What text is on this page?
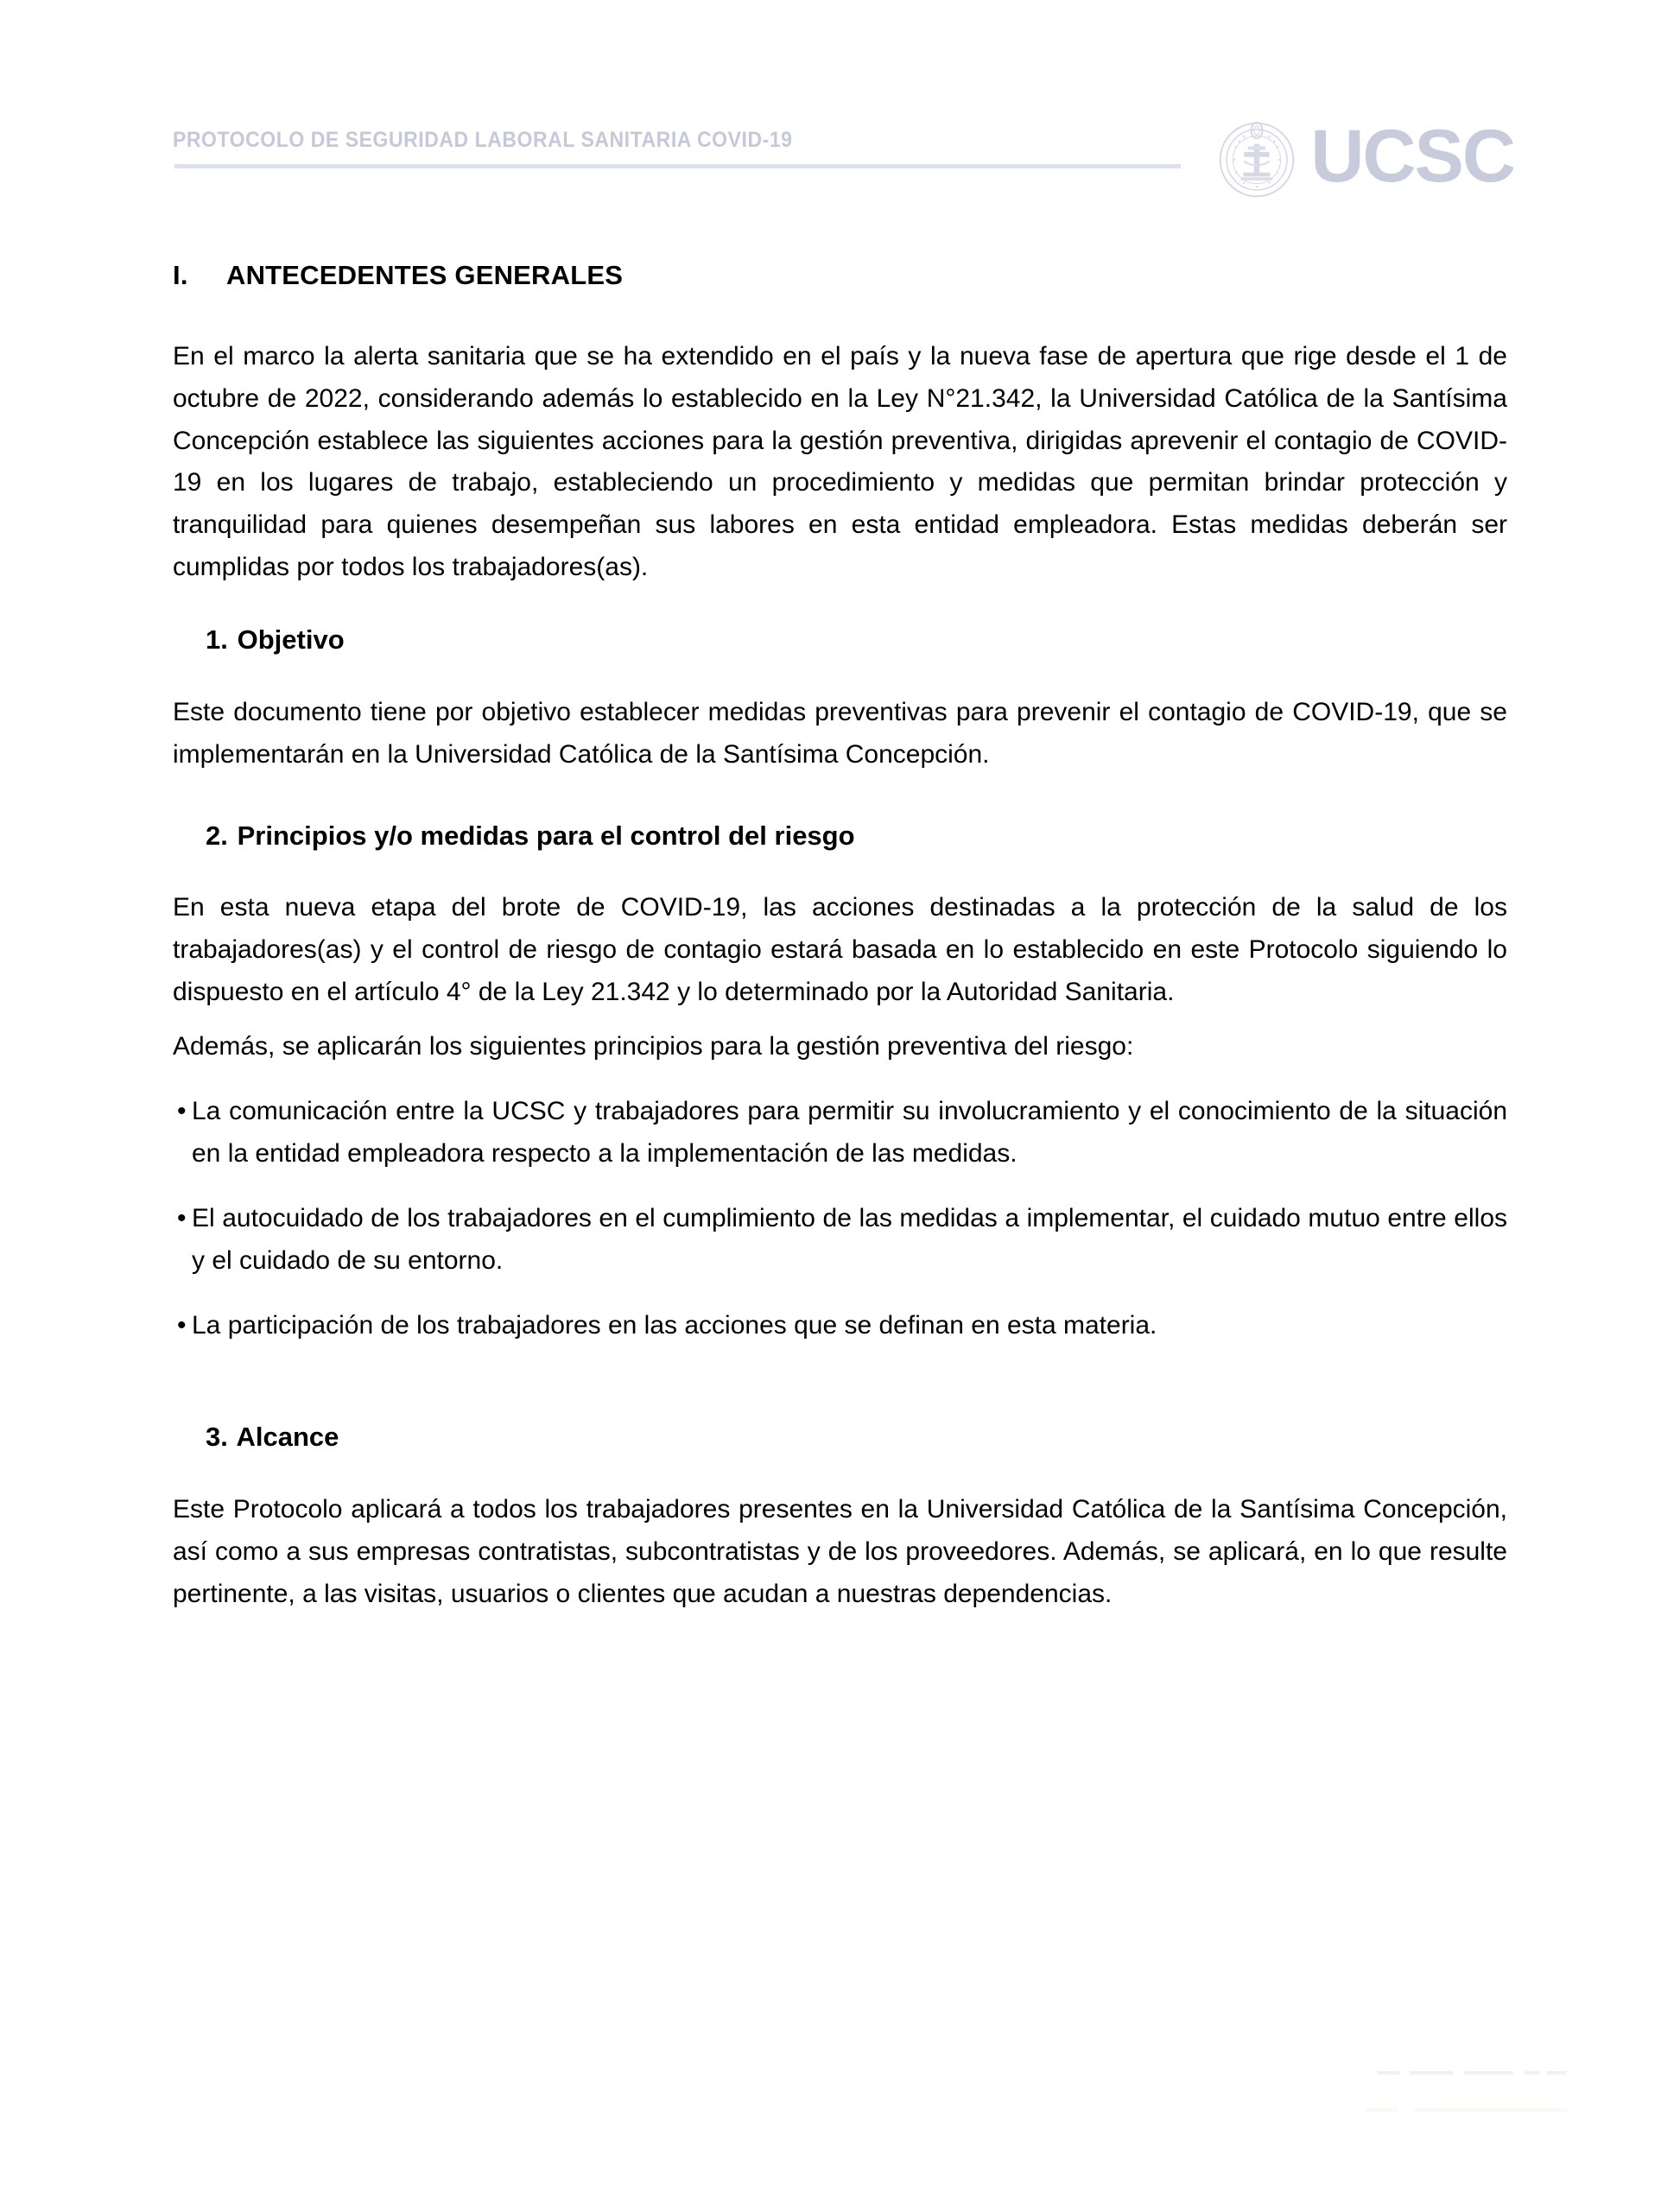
PROTOCOLO DE SEGURIDAD LABORAL SANITARIA COVID-19	UCSC
I. ANTECEDENTES GENERALES

En el marco la alerta sanitaria que se ha extendido en el país y la nueva fase de apertura que rige desde el 1 de octubre de 2022, considerando además lo establecido en la Ley N°21.342, la Universidad Católica de la Santísima Concepción establece las siguientes acciones para la gestión preventiva, dirigidas aprevenir el contagio de COVID-19 en los lugares de trabajo, estableciendo un procedimiento y medidas que permitan brindar protección y tranquilidad para quienes desempeñan sus labores en esta entidad empleadora. Estas medidas deberán ser cumplidas por todos los trabajadores(as).

1. Objetivo

Este documento tiene por objetivo establecer medidas preventivas para prevenir el contagio de COVID-19, que se implementarán en la Universidad Católica de la Santísima Concepción.

2. Principios y/o medidas para el control del riesgo

En esta nueva etapa del brote de COVID-19, las acciones destinadas a la protección de la salud de los trabajadores(as) y el control de riesgo de contagio estará basada en lo establecido en este Protocolo siguiendo lo dispuesto en el artículo 4° de la Ley 21.342 y lo determinado por la Autoridad Sanitaria.

Además, se aplicarán los siguientes principios para la gestión preventiva del riesgo:

• La comunicación entre la UCSC y trabajadores para permitir su involucramiento y el conocimiento de la situación en la entidad empleadora respecto a la implementación de las medidas.
• El autocuidado de los trabajadores en el cumplimiento de las medidas a implementar, el cuidado mutuo entre ellos y el cuidado de su entorno.
• La participación de los trabajadores en las acciones que se definan en esta materia.
3. Alcance

Este Protocolo aplicará a todos los trabajadores presentes en la Universidad Católica de la Santísima Concepción, así como a sus empresas contratistas, subcontratistas y de los proveedores. Además, se aplicará, en lo que resulte pertinente, a las visitas, usuarios o clientes que acudan a nuestras dependencias.
